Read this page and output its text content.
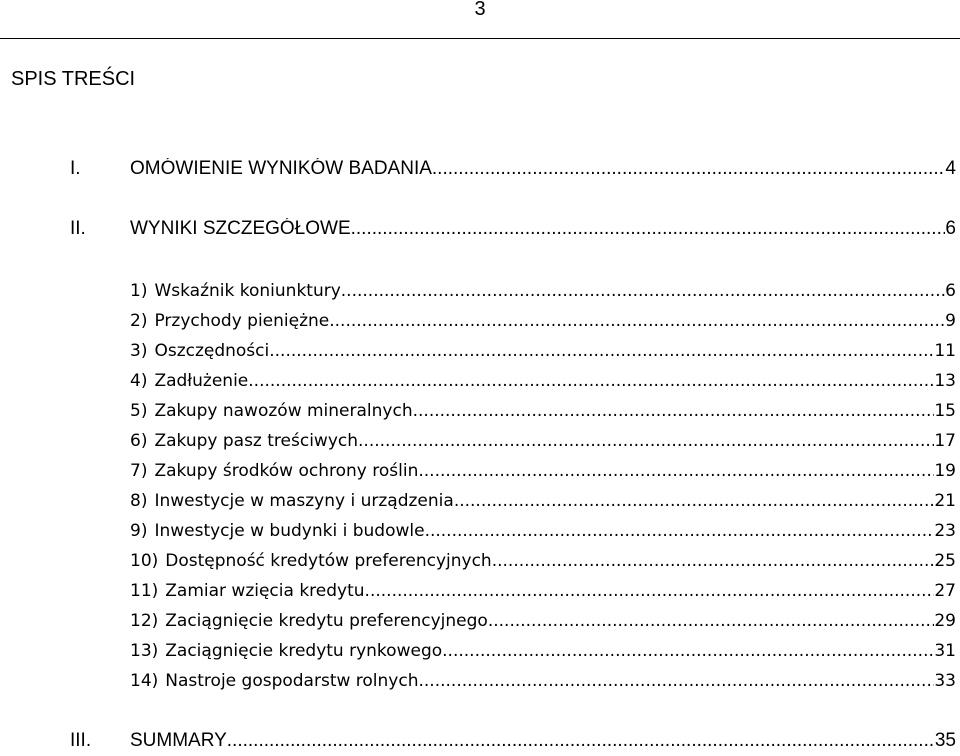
3
SPIS TREŚCI
I.	OMÓWIENIE WYNIKÓW BADANIA .....	4
II.	WYNIKI SZCZEGÓŁOWE .....	6
1) Wskaźnik koniunktury .....	6
2) Przychody pieniężne .....	9
3) Oszczędności .....	11
4) Zadłużenie .....	13
5) Zakupy nawozów mineralnych .....	15
6) Zakupy pasz treściwych .....	17
7) Zakupy środków ochrony roślin .....	19
8) Inwestycje w maszyny i urządzenia .....	21
9) Inwestycje w budynki i budowle .....	23
10) Dostępność kredytów preferencyjnych .....	25
11) Zamiar wzięcia kredytu .....	27
12) Zaciągnięcie kredytu preferencyjnego .....	29
13) Zaciągnięcie kredytu rynkowego .....	31
14) Nastroje gospodarstw rolnych .....	33
III.	SUMMARY .....	35
